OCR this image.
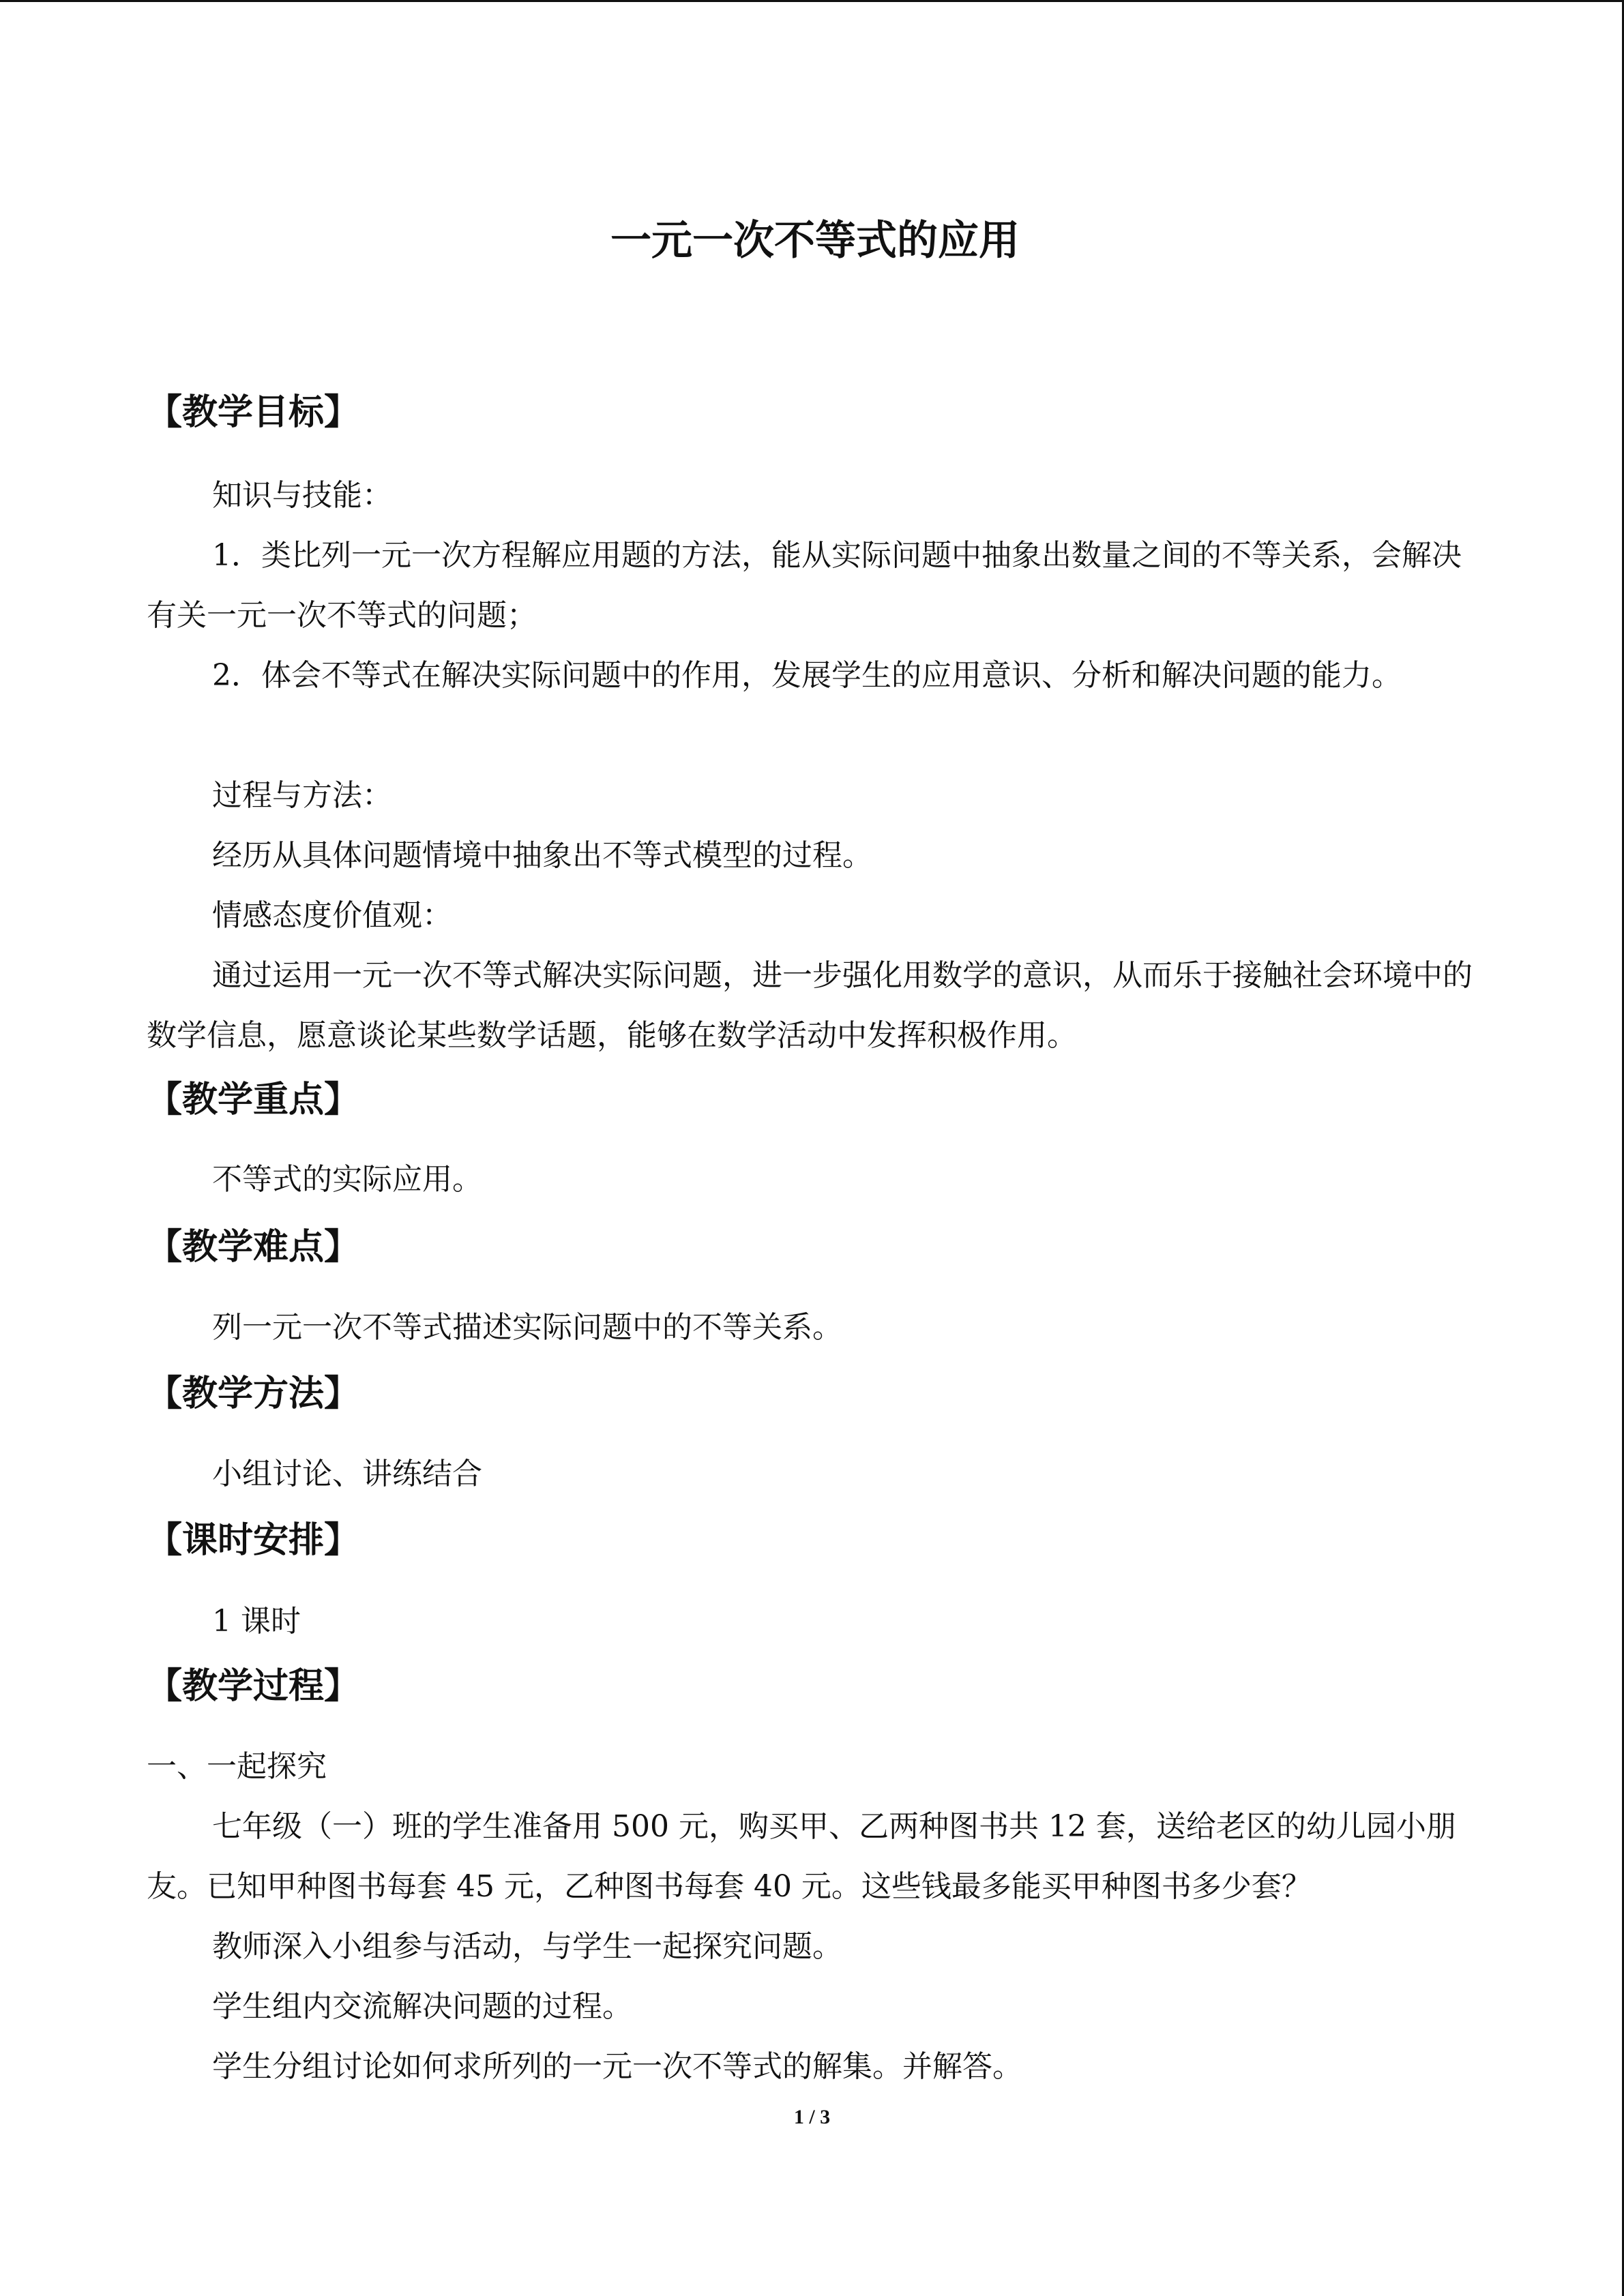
一元一次不等式的应用
【教学目标】
知识与技能：
1．类比列一元一次方程解应用题的方法，能从实际问题中抽象出数量之间的不等关系，会解决有关一元一次不等式的问题；
2．体会不等式在解决实际问题中的作用，发展学生的应用意识、分析和解决问题的能力。
过程与方法：
经历从具体问题情境中抽象出不等式模型的过程。
情感态度价值观：
通过运用一元一次不等式解决实际问题，进一步强化用数学的意识，从而乐于接触社会环境中的数学信息，愿意谈论某些数学话题，能够在数学活动中发挥积极作用。
【教学重点】
不等式的实际应用。
【教学难点】
列一元一次不等式描述实际问题中的不等关系。
【教学方法】
小组讨论、讲练结合
【课时安排】
1 课时
【教学过程】
一、一起探究
七年级（一）班的学生准备用 500 元，购买甲、乙两种图书共 12 套，送给老区的幼儿园小朋友。已知甲种图书每套 45 元，乙种图书每套 40 元。这些钱最多能买甲种图书多少套？
教师深入小组参与活动，与学生一起探究问题。
学生组内交流解决问题的过程。
学生分组讨论如何求所列的一元一次不等式的解集。并解答。
1 / 3
